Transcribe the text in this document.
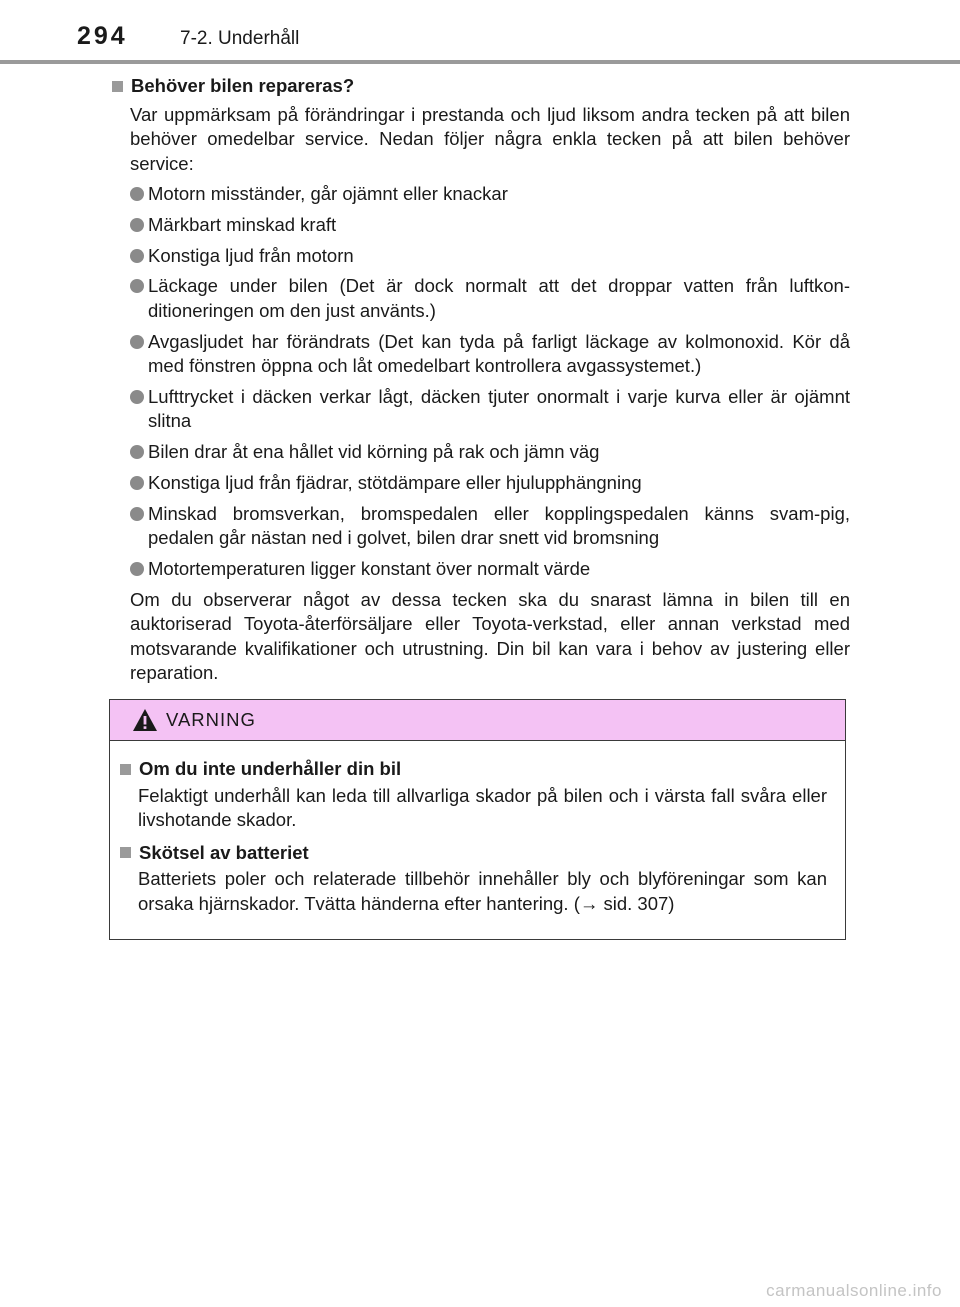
294	7-2. Underhåll
Behöver bilen repareras?
Var uppmärksam på förändringar i prestanda och ljud liksom andra tecken på att bilen behöver omedelbar service. Nedan följer några enkla tecken på att bilen behöver service:
Motorn misständer, går ojämnt eller knackar
Märkbart minskad kraft
Konstiga ljud från motorn
Läckage under bilen (Det är dock normalt att det droppar vatten från luftkon-ditioneringen om den just använts.)
Avgasljudet har förändrats (Det kan tyda på farligt läckage av kolmonoxid. Kör då med fönstren öppna och låt omedelbart kontrollera avgassystemet.)
Lufttrycket i däcken verkar lågt, däcken tjuter onormalt i varje kurva eller är ojämnt slitna
Bilen drar åt ena hållet vid körning på rak och jämn väg
Konstiga ljud från fjädrar, stötdämpare eller hjulupphängning
Minskad bromsverkan, bromspedalen eller kopplingspedalen känns svam-pig, pedalen går nästan ned i golvet, bilen drar snett vid bromsning
Motortemperaturen ligger konstant över normalt värde
Om du observerar något av dessa tecken ska du snarast lämna in bilen till en auktoriserad Toyota-återförsäljare eller Toyota-verkstad, eller annan verkstad med motsvarande kvalifikationer och utrustning. Din bil kan vara i behov av justering eller reparation.
VARNING
Om du inte underhåller din bil
Felaktigt underhåll kan leda till allvarliga skador på bilen och i värsta fall svåra eller livshotande skador.
Skötsel av batteriet
Batteriets poler och relaterade tillbehör innehåller bly och blyföreningar som kan orsaka hjärnskador. Tvätta händerna efter hantering. (→ sid. 307)
carmanualsonline.info
